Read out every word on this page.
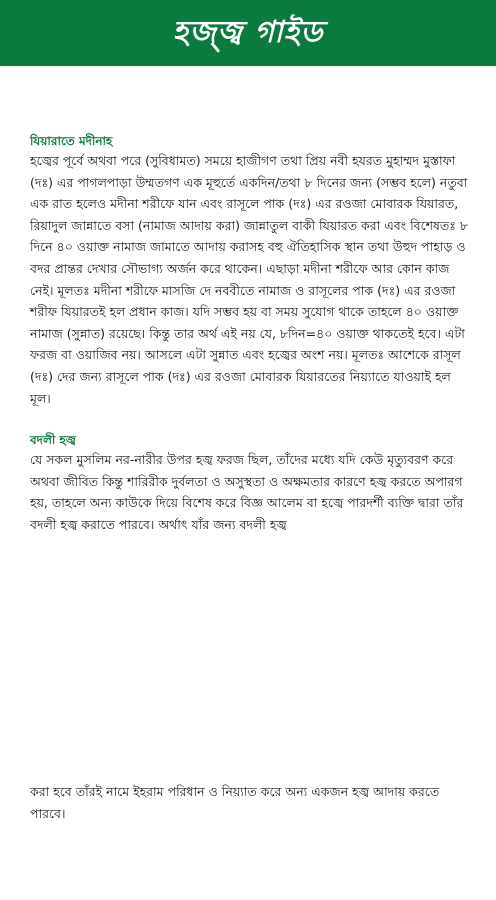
হজ্জ্ব গাইড
যিয়ারাতে মদীনাহ

হজ্বের পূর্বে অথবা পরে (সুবিধামত) সময়ে হাজীগণ তথা প্রিয় নবী হযরত মুহাম্মদ মুস্তাফা (দঃ) এর পাগলপাড়া উম্মতগণ এক মূহুর্তে একদিন/তথা ৮ দিনের জন্য (সম্ভব হলে) নতুবা এক রাত হলেও মদীনা শরীফে যান এবং রাসূলে পাক (দঃ) এর রওজা মোবারক যিয়ারত, রিয়াদুল জান্নাতে বসা (নামাজ আদায় করা) জান্নাতুল বাকী যিয়ারত করা এবং বিশেষতঃ ৮ দিনে ৪০ ওয়াক্ত নামাজ জামাতে আদায় করাসহ বহু ঐতিহাসিক স্থান তথা উহুদ পাহাড় ও বদর প্রান্তর দেখার সৌভাগ্য অর্জন করে থাকেন। এছাড়া মদীনা শরীফে আর কোন কাজ নেই। মূলতঃ মদীনা শরীফে মাসজি দে নববীতে নামাজ ও রাসূলের পাক (দঃ) এর রওজা শরীফ যিয়ারতই হল প্রধান কাজ। যদি সম্ভব হয় বা সময় সুযোগ থাকে তাহলে ৪০ ওয়াক্ত নামাজ (সুন্নাত) রয়েছে। কিন্তু তার অর্থ এই নয় যে, ৮দিন=৪০ ওয়াক্ত থাকতেই হবে। এটা ফরজ বা ওয়াজিব নয়। আসলে এটা সুন্নাত এবং হজ্বের অংশ নয়। মূলতঃ আশেকে রাসূল (দঃ) দের জন্য রাসূলে পাক (দঃ) এর রওজা মোবারক যিয়ারতের নিয়্যাতে যাওয়াই হল মূল।

বদলী হজ্ব

যে সকল মুসলিম নর-নারীর উপর হজ্ব ফরজ ছিল, তাঁদের মধ্যে যদি কেউ মৃত্যুবরণ করে অথবা জীবিত কিন্তু শারিরীক দুর্বলতা ও অসুস্থতা ও অক্ষমতার কারণে হজ্ব করতে অপারগ হয়, তাহলে অন্য কাউকে দিয়ে বিশেষ করে বিজ্ঞ আলেম বা হজ্বে পারদর্শী ব্যক্তি দ্বারা তাঁর বদলী হজ্ব করাতে পারবে। অর্থাৎ যাঁর জন্য বদলী হজ্ব

করা হবে তাঁরই নামে ইহরাম পরিধান ও নিয়্যাত করে অন্য একজন হজ্ব আদায় করতে পারবে।
